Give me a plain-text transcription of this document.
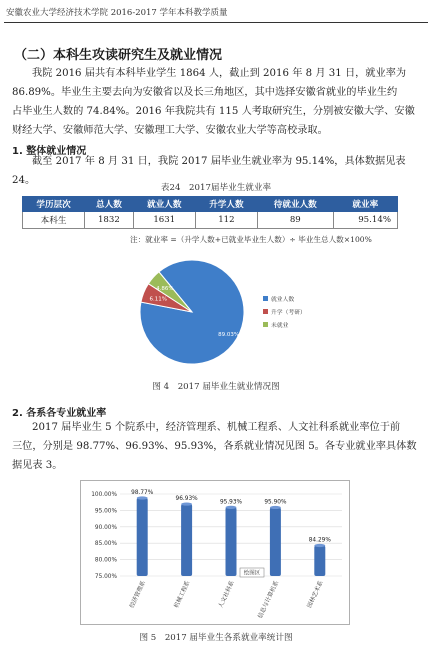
安徽农业大学经济技术学院 2016-2017 学年本科教学质量
（二）本科生攻读研究生及就业情况
我院 2016 届共有本科毕业学生 1864 人，截止到 2016 年 8 月 31 日，就业率为
86.89%。毕业生主要去向为安徽省以及长三角地区，其中选择安徽省就业的毕业生约
占毕业生人数的 74.84%。2016 年我院共有 115 人考取研究生，分别被安徽大学、安徽
财经大学、安徽师范大学、安徽理工大学、安徽农业大学等高校录取。
1. 整体就业情况
截至 2017 年 8 月 31 日，我院 2017 届毕业生就业率为 95.14%，具体数据见表 24。
表24　2017届毕业生就业率
学历层次	总人数	就业人数	升学人数	待就业人数	就业率
本科生	1832	1631	112	89	95.14%
注：就业率 =（升学人数+已就业毕业生人数）÷ 毕业生总人数×100%
89.03%
6.11%
4.86%
就业人数
升学（考研）
未就业
图 4　2017 届毕业生就业情况图
2. 各系各专业就业率
2017 届毕业生 5 个院系中，经济管理系、机械工程系、人文社科系就业率位于前
三位，分别是 98.77%、96.93%、95.93%，各系就业情况见图 5。各专业就业率具体数
据见表 3。
100.00%
95.00%
90.00%
85.00%
80.00%
75.00%
98.77%
96.93%
95.93%	95.90%
84.29%
经济管理系	机械工程系	人文社科系	信息与计算机系	园林艺术系
绘图区
图 5　2017 届毕业生各系就业率统计图
